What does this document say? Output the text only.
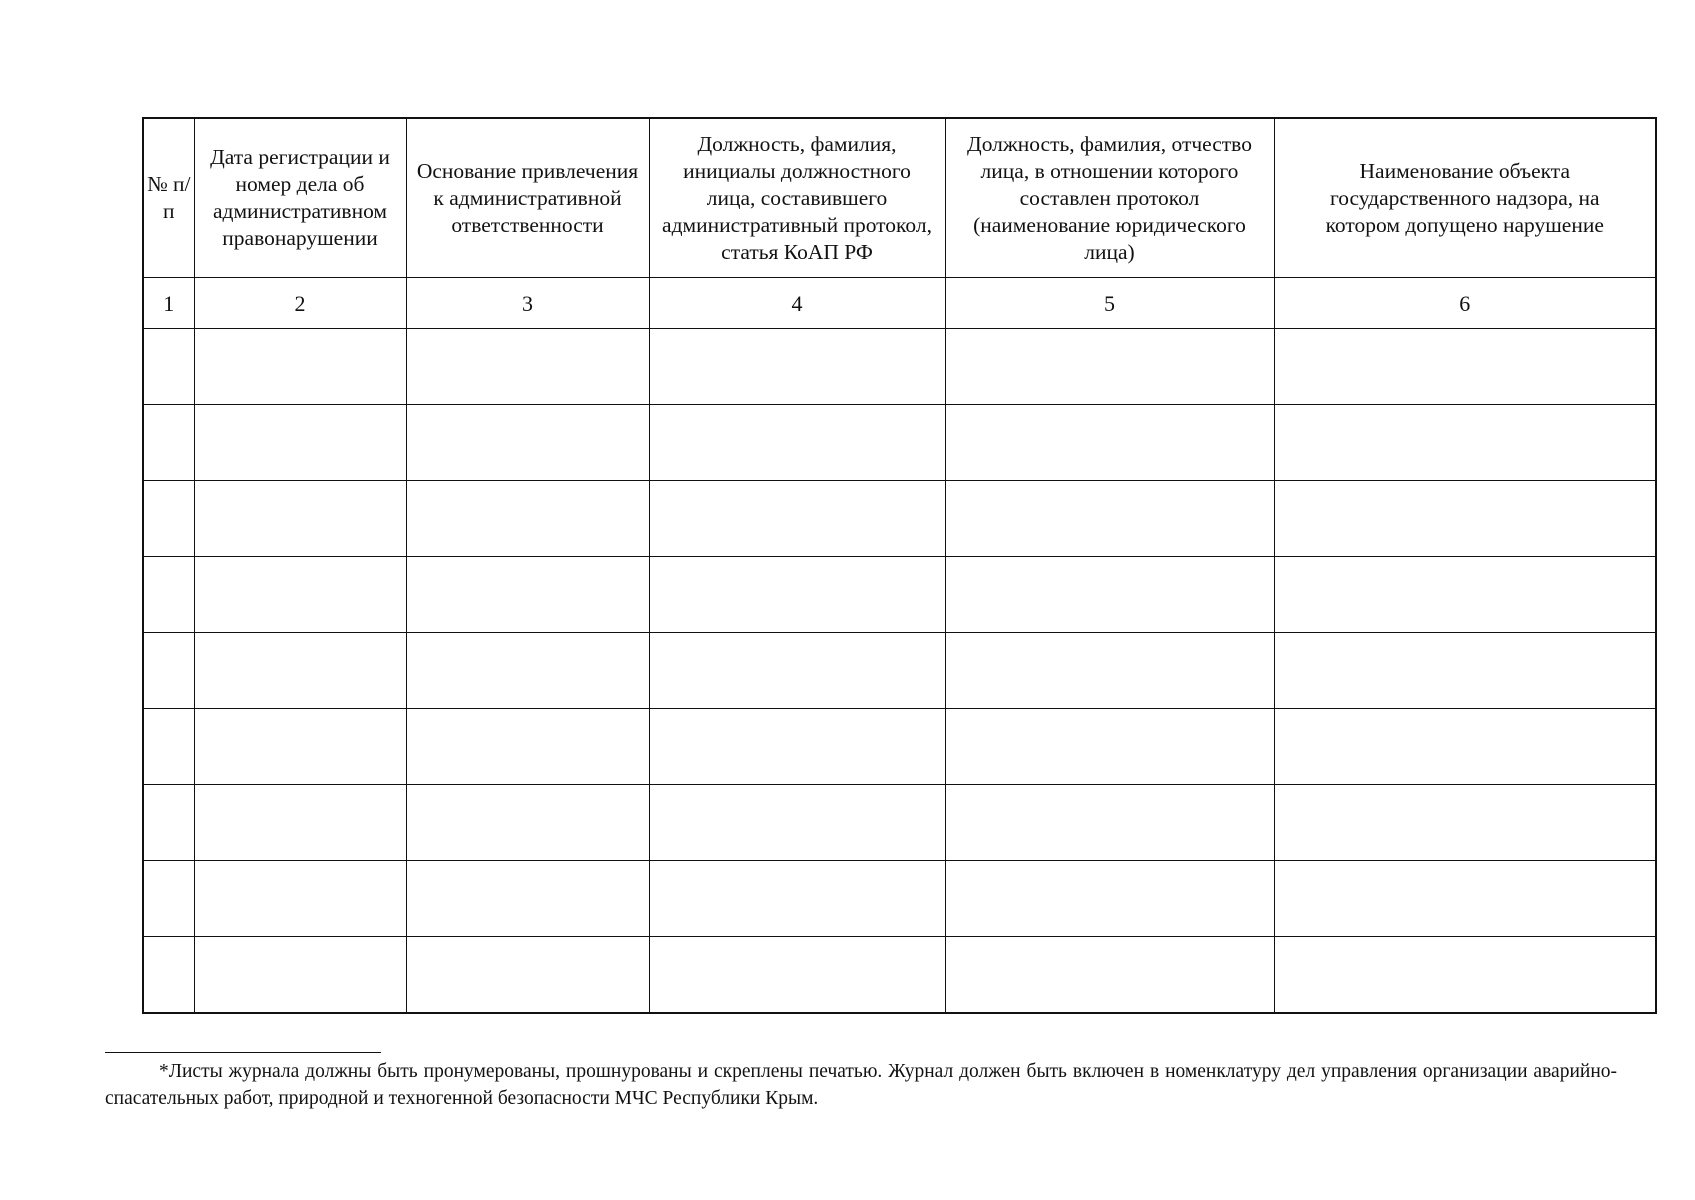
№ п/п	Дата регистрации и номер дела об административном правонарушении	Основание привлечения к административной ответственности	Должность, фамилия, инициалы должностного лица, составившего административный протокол, статья КоАП РФ	Должность, фамилия, отчество лица, в отношении которого составлен протокол (наименование юридического лица)	Наименование объекта государственного надзора, на котором допущено нарушение
1	2	3	4	5	6

*Листы журнала должны быть пронумерованы, прошнурованы и скреплены печатью. Журнал должен быть включен в номенклатуру дел управления организации аварийно-спасательных работ, природной и техногенной безопасности МЧС Республики Крым.
